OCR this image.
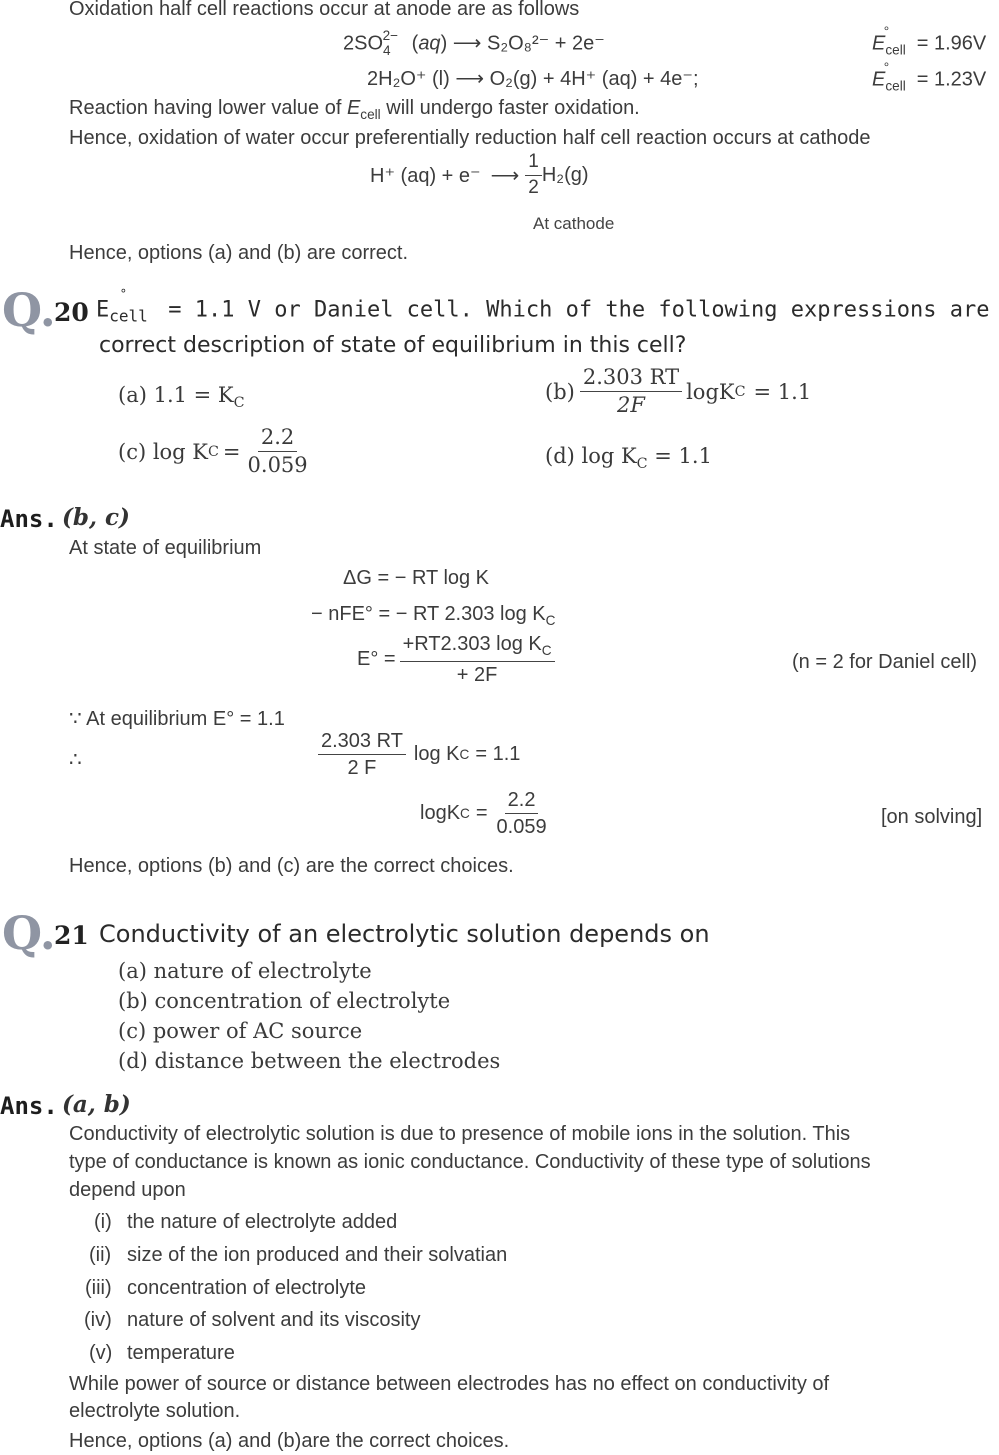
Oxidation half cell reactions occur at anode are as follows
$2SO_4^{2-}$ (aq) ⟶ S₂O₈²⁻ + 2e⁻	$E_{cell}^\circ = 1.96V$
2H₂O⁺ (l) ⟶ O₂(g) + 4H⁺ (aq) + 4e⁻;	$E_{cell}^\circ = 1.23V$
Reaction having lower value of $E_{cell}$ will undergo faster oxidation.
Hence, oxidation of water occur preferentially reduction half cell reaction occurs at cathode
H⁺ (aq) + e⁻ ⟶ $\frac{1}{2} H_2(g)$
At cathode
Hence, options (a) and (b) are correct.
Q.
20 $E_{cell}^\circ = 1.1$ V or Daniel cell. Which of the following expressions are
correct description of state of equilibrium in this cell?
(a) $1.1 = K_C$	$(b) \frac{2.303 RT}{2F}$ logK C = 1.1
(c) log K $C = \frac{2.2}{0.059}$	(d) $\log K_C = 1.1$
Ans. (b, c)
At state of equilibrium
ΔG = − RT log K
− nFE° = − RT 2.303 $\log K_C$
$E^\circ = \frac{+RT2.303 \log K_C}{+ 2F}$	(n = 2 for Daniel cell)
∵ At equilibrium E° = 1.1
∴	$\frac{2.303 RT}{2 F}$ log K C = 1.1
logK $C = \frac{2.2}{0.059}$	[on solving]
Hence, options (b) and (c) are the correct choices.
Q.
21 Conductivity of an electrolytic solution depends on
(a) nature of electrolyte
(b) concentration of electrolyte
(c) power of AC source
(d) distance between the electrodes
Ans. (a, b)
Conductivity of electrolytic solution is due to presence of mobile ions in the solution. This
type of conductance is known as ionic conductance. Conductivity of these type of solutions
depend upon
(i) the nature of electrolyte added
(ii) size of the ion produced and their solvatian
(iii) concentration of electrolyte
(iv) nature of solvent and its viscosity
(v) temperature
While power of source or distance between electrodes has no effect on conductivity of
electrolyte solution.
Hence, options (a) and (b)are the correct choices.
